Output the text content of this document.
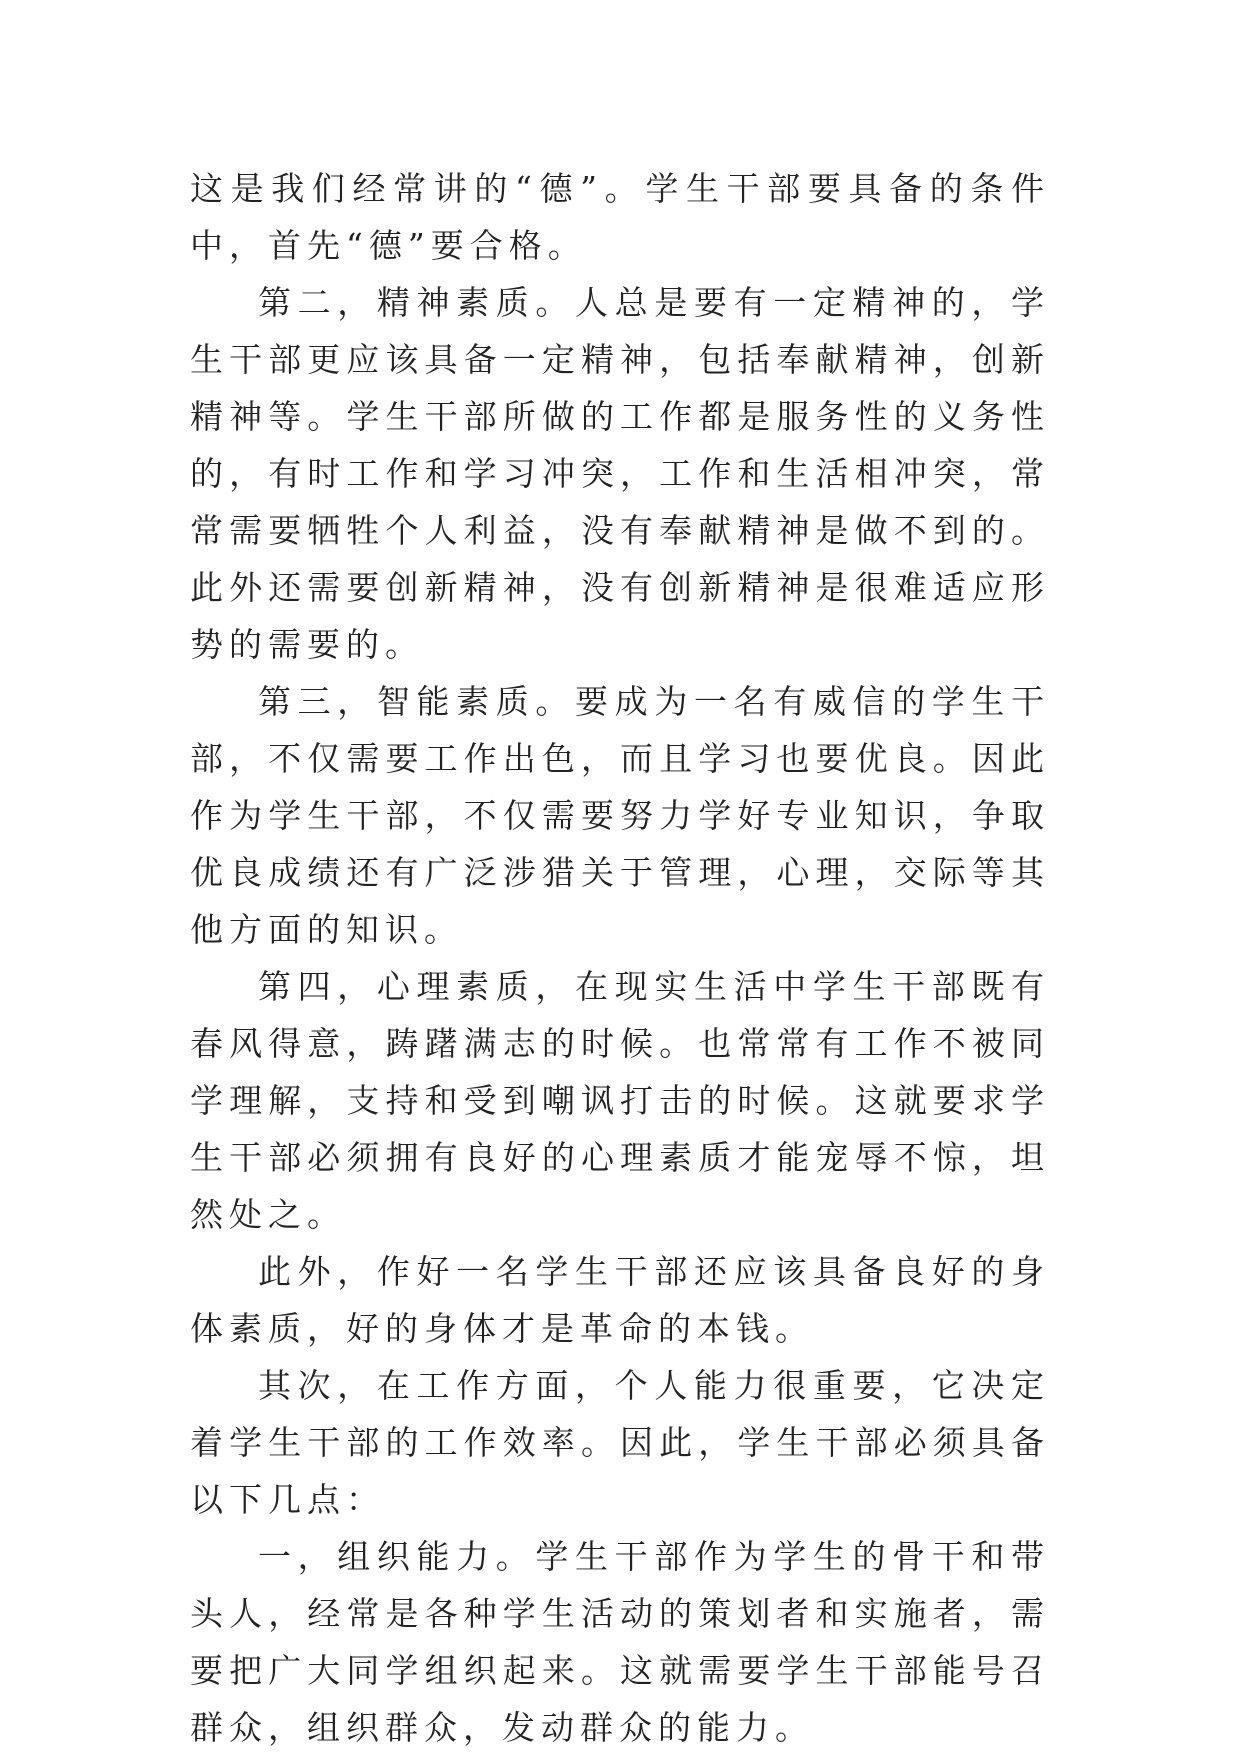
这是我们经常讲的“德”。学生干部要具备的条件中，首先“德”要合格。

第二，精神素质。人总是要有一定精神的，学生干部更应该具备一定精神，包括奉献精神，创新精神等。学生干部所做的工作都是服务性的义务性的，有时工作和学习冲突，工作和生活相冲突，常常需要牺牲个人利益，没有奉献精神是做不到的。此外还需要创新精神，没有创新精神是很难适应形势的需要的。

第三，智能素质。要成为一名有威信的学生干部，不仅需要工作出色，而且学习也要优良。因此作为学生干部，不仅需要努力学好专业知识，争取优良成绩还有广泛涉猎关于管理，心理，交际等其他方面的知识。

第四，心理素质，在现实生活中学生干部既有春风得意，踌躇满志的时候。也常常有工作不被同学理解，支持和受到嘲讽打击的时候。这就要求学生干部必须拥有良好的心理素质才能宠辱不惊，坦然处之。

此外，作好一名学生干部还应该具备良好的身体素质，好的身体才是革命的本钱。

其次，在工作方面，个人能力很重要，它决定着学生干部的工作效率。因此，学生干部必须具备以下几点：

一，组织能力。学生干部作为学生的骨干和带头人，经常是各种学生活动的策划者和实施者，需要把广大同学组织起来。这就需要学生干部能号召群众，组织群众，发动群众的能力。
